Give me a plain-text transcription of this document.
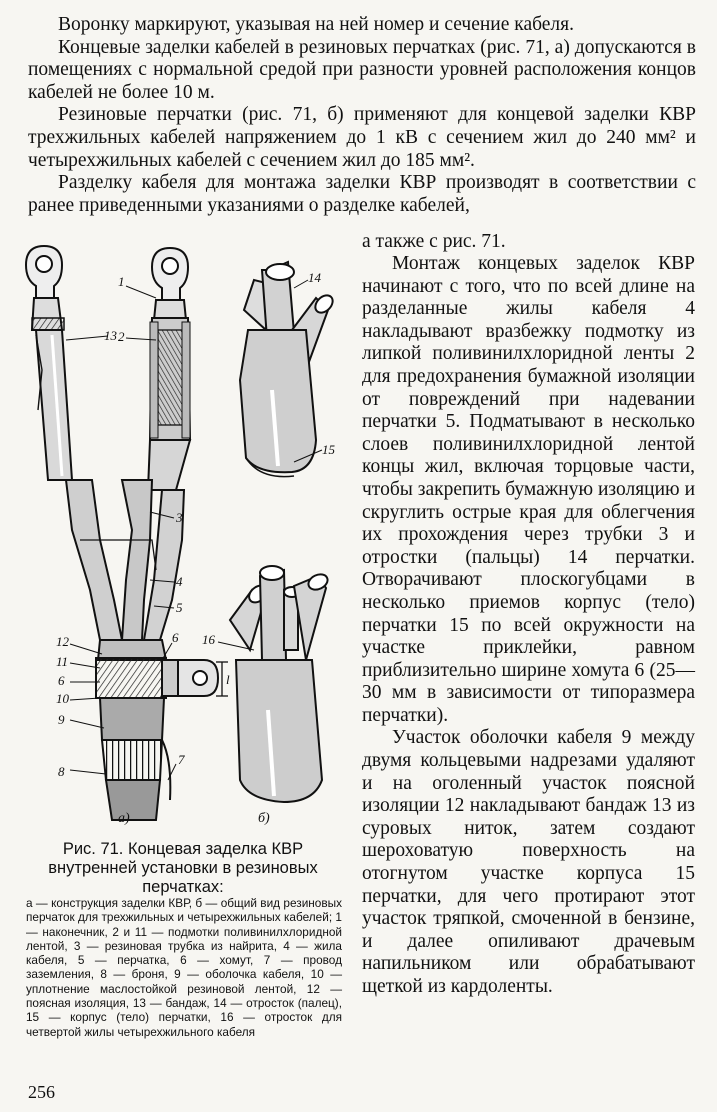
Воронку маркируют, указывая на ней номер и сечение кабеля.

Концевые заделки кабелей в резиновых перчатках (рис. 71, а) допускаются в помещениях с нормальной средой при разности уровней расположения концов кабелей не более 10 м.

Резиновые перчатки (рис. 71, б) применяют для концевой заделки КВР трехжильных кабелей напряжением до 1 кВ с сечением жил до 240 мм² и четырехжильных кабелей с сечением жил до 185 мм².

Разделку кабеля для монтажа заделки КВР производят в соответствии с ранее приведенными указаниями о разделке кабелей,

а также с рис. 71.
1
2
13
3
4
5
6
12
11
6
10
9
7
8
14
15
16
l
а)	б)
Рис. 71. Концевая заделка КВР внутренней установки в резиновых перчатках:
а — конструкция заделки КВР, б — общий вид резиновых перчаток для трехжильных и четырехжильных кабелей; 1 — наконечник, 2 и 11 — подмотки поливинилхлоридной лентой, 3 — резиновая трубка из найрита, 4 — жила кабеля, 5 — перчатка, 6 — хомут, 7 — провод заземления, 8 — броня, 9 — оболочка кабеля, 10 — уплотнение маслостойкой резиновой лентой, 12 — поясная изоляция, 13 — бандаж, 14 — отросток (палец), 15 — корпус (тело) перчатки, 16 — отросток для четвертой жилы четырехжильного кабеля

Монтаж концевых заделок КВР начинают с того, что по всей длине на разделанные жилы кабеля 4 накладывают вразбежку подмотку из липкой поливинилхлоридной ленты 2 для предохранения бумажной изоляции от повреждений при надевании перчатки 5. Подматывают в несколько слоев поливинилхлоридной лентой концы жил, включая торцовые части, чтобы закрепить бумажную изоляцию и скруглить острые края для облегчения их прохождения через трубки 3 и отростки (пальцы) 14 перчатки. Отворачивают плоскогубцами в несколько приемов корпус (тело) перчатки 15 по всей окружности на участке приклейки, равном приблизительно ширине хомута 6 (25—30 мм в зависимости от типоразмера перчатки).

Участок оболочки кабеля 9 между двумя кольцевыми надрезами удаляют и на оголенный участок поясной изоляции 12 накладывают бандаж 13 из суровых ниток, затем создают шероховатую поверхность на отогнутом участке корпуса 15 перчатки, для чего протирают этот участок тряпкой, смоченной в бензине, и далее опиливают драчевым напильником или обрабатывают щеткой из кардоленты.

256
